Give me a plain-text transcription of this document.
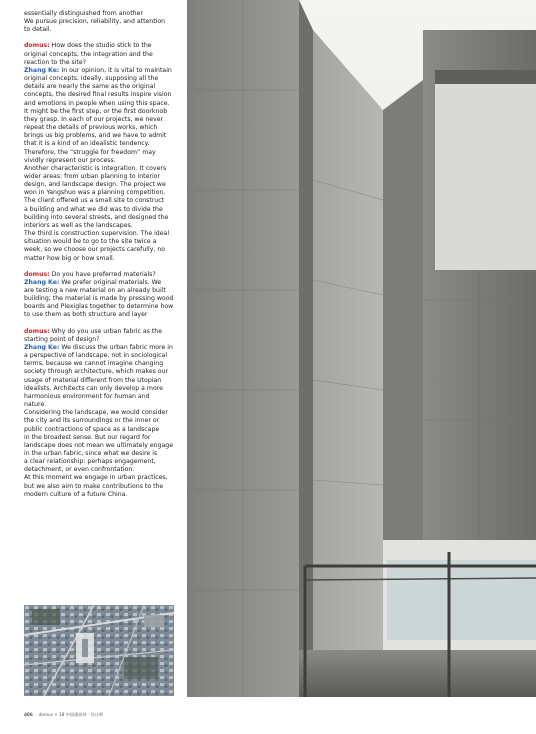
essentially distinguished from another

We pursue precision, reliability, and attention

to detail.

domus: How does the studio stick to the

original concepts, the integration and the

reaction to the site?

Zhang Ke: In our opinion, it is vital to maintain

original concepts. Ideally, supposing all the

details are nearly the same as the original

concepts, the desired final results inspire vision

and emotions in people when using this space.

It might be the first step, or the first doorknob

they grasp. In each of our projects, we never

repeat the details of previous works, which

brings us big problems, and we have to admit

that it is a kind of an idealistic tendency.

Therefore, the “struggle for freedom” may

vividly represent our process.

Another characteristic is integration. It covers

wider areas: from urban planning to interior

design, and landscape design. The project we

won in Yangshuo was a planning competition.

The client offered us a small site to construct

a building and what we did was to divide the

building into several streets, and designed the

interiors as well as the landscapes.

The third is construction supervision. The ideal

situation would be to go to the site twice a

week, so we choose our projects carefully, no

matter how big or how small.

domus: Do you have preferred materials?

Zhang Ke: We prefer original materials. We

are testing a new material on an already built

building; the material is made by pressing wood

boards and Plexiglas together to determine how

to use them as both structure and layer

domus: Why do you use urban fabric as the

starting point of design?

Zhang Ke: We discuss the urban fabric more in

a perspective of landscape, not in sociological

terms, because we cannot imagine changing

society through architecture, which makes our

usage of material different from the Utopian

idealists. Architects can only develop a more

harmonious environment for human and

nature.

Considering the landscape, we would consider

the city and its surroundings or the inner or

public contractions of space as a landscape

in the broadest sense. But our regard for

landscape does not mean we ultimately engage

in the urban fabric, since what we desire is

a clear relationship: perhaps engagement,

detachment, or even confrontation.

At this moment we engage in urban practices,

but we also aim to make contributions to the

modern culture of a future China.

406 domus + 18 中国建筑师 · 设计师
